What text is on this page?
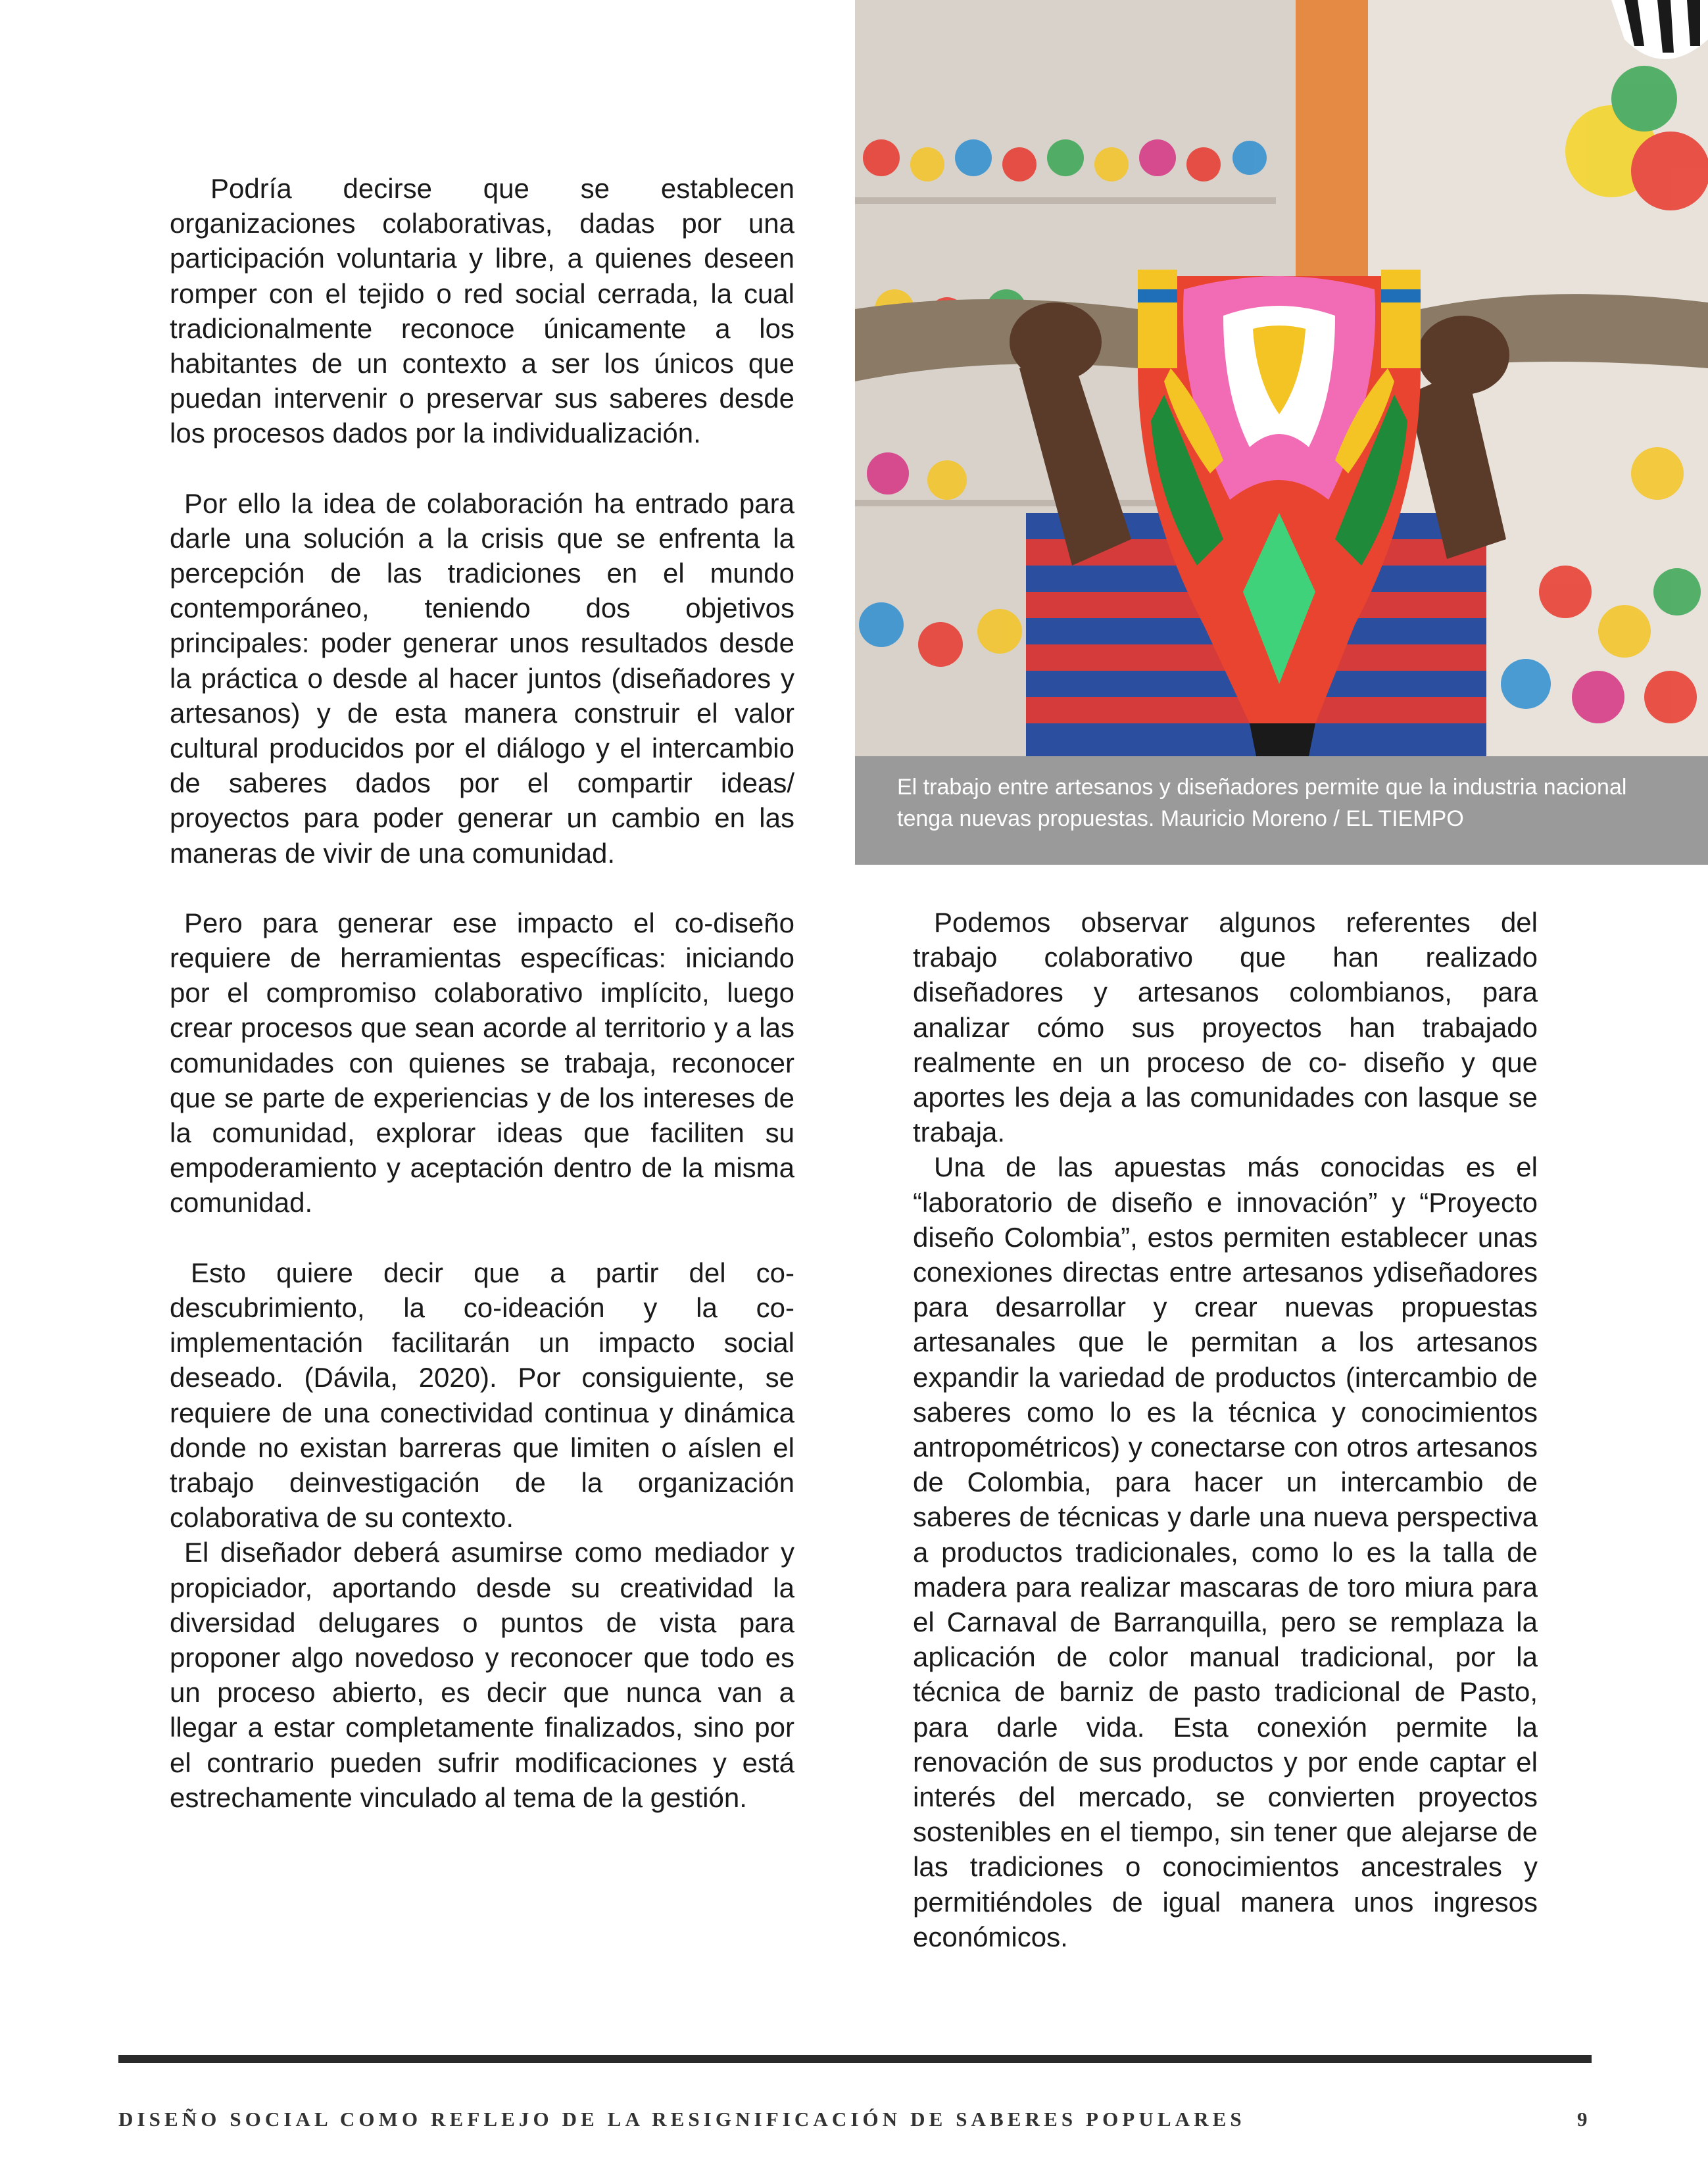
Podría decirse que se establecen organizaciones colaborativas, dadas por una participación voluntaria y libre, a quienes deseen romper con el tejido o red social cerrada, la cual tradicionalmente reconoce únicamente a los habitantes de un contexto a ser los únicos que puedan intervenir o preservar sus saberes desde los procesos dados por la individualización.

Por ello la idea de colaboración ha entrado para darle una solución a la crisis que se enfrenta la percepción de las tradiciones en el mundo contemporáneo, teniendo dos objetivos principales: poder generar unos resultados desde la práctica o desde al hacer juntos (diseñadores y artesanos) y de esta manera construir el valor cultural producidos por el diálogo y el intercambio de saberes dados por el compartir ideas/ proyectos para poder generar un cambio en las maneras de vivir de una comunidad.

Pero para generar ese impacto el co-diseño requiere de herramientas específicas: iniciando por el compromiso colaborativo implícito, luego crear procesos que sean acorde al territorio y a las comunidades con quienes se trabaja, reconocer que se parte de experiencias y de los intereses de la comunidad, explorar ideas que faciliten su empoderamiento y aceptación dentro de la misma comunidad.

Esto quiere decir que a partir del co-descubrimiento, la co-ideación y la co-implementación facilitarán un impacto social deseado. (Dávila, 2020). Por consiguiente, se requiere de una conectividad continua y dinámica donde no existan barreras que limiten o aíslen el trabajo deinvestigación de la organización colaborativa de su contexto.

El diseñador deberá asumirse como mediador y propiciador, aportando desde su creatividad la diversidad delugares o puntos de vista para proponer algo novedoso y reconocer que todo es un proceso abierto, es decir que nunca van a llegar a estar completamente finalizados, sino por el contrario pueden sufrir modificaciones y está estrechamente vinculado al tema de la gestión.

El trabajo entre artesanos y diseñadores permite que la industria nacional tenga nuevas propuestas. Mauricio Moreno / EL TIEMPO

Podemos observar algunos referentes del trabajo colaborativo que han realizado diseñadores y artesanos colombianos, para analizar cómo sus proyectos han trabajado realmente en un proceso de co- diseño y que aportes les deja a las comunidades con lasque se trabaja.

Una de las apuestas más conocidas es el “laboratorio de diseño e innovación” y “Proyecto diseño Colombia”, estos permiten establecer unas conexiones directas entre artesanos ydiseñadores para desarrollar y crear nuevas propuestas artesanales que le permitan a los artesanos expandir la variedad de productos (intercambio de saberes como lo es la técnica y conocimientos antropométricos) y conectarse con otros artesanos de Colombia, para hacer un intercambio de saberes de técnicas y darle una nueva perspectiva a productos tradicionales, como lo es la talla de madera para realizar mascaras de toro miura para el Carnaval de Barranquilla, pero se remplaza la aplicación de color manual tradicional, por la técnica de barniz de pasto tradicional de Pasto, para darle vida. Esta conexión permite la renovación de sus productos y por ende captar el interés del mercado, se convierten proyectos sostenibles en el tiempo, sin tener que alejarse de las tradiciones o conocimientos ancestrales y permitiéndoles de igual manera unos ingresos económicos.

DISEÑO SOCIAL COMO REFLEJO DE LA RESIGNIFICACIÓN DE SABERES POPULARES	9
